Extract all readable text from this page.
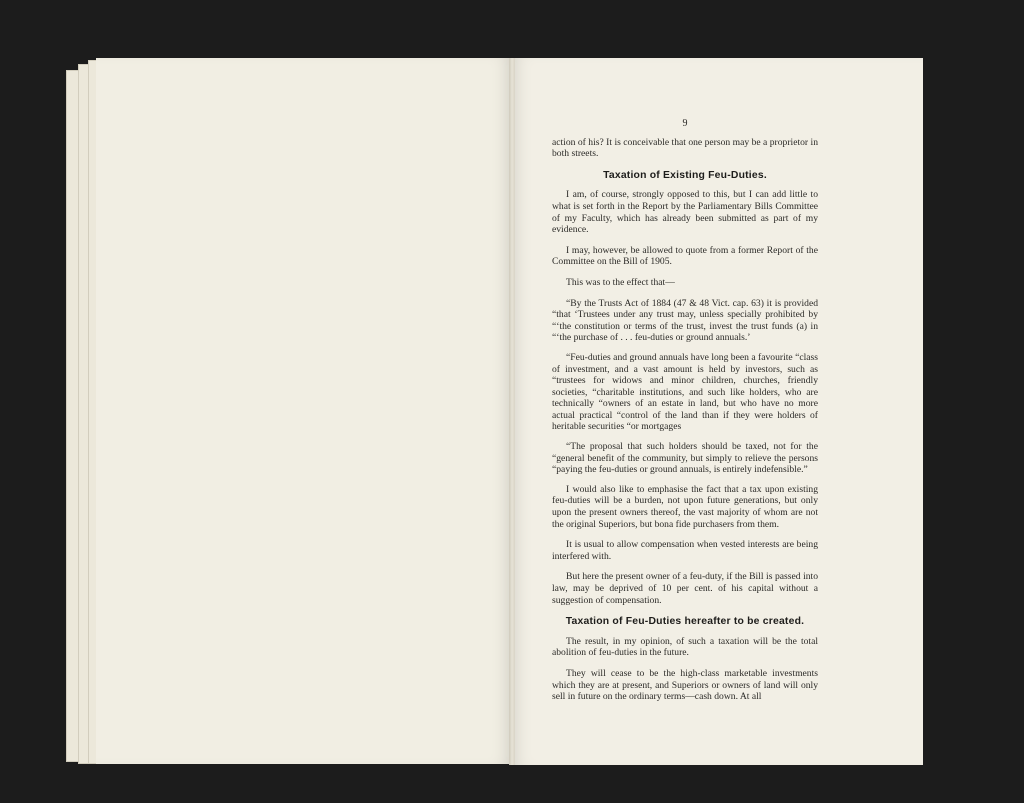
9

action of his? It is conceivable that one person may be a proprietor in both streets.

Taxation of Existing Feu-Duties.

I am, of course, strongly opposed to this, but I can add little to what is set forth in the Report by the Parliamentary Bills Committee of my Faculty, which has already been submitted as part of my evidence.

I may, however, be allowed to quote from a former Report of the Committee on the Bill of 1905.

This was to the effect that—

“By the Trusts Act of 1884 (47 & 48 Vict. cap. 63) it is provided “that ‘Trustees under any trust may, unless specially prohibited by “‘the constitution or terms of the trust, invest the trust funds (a) in “‘the purchase of . . . feu-duties or ground annuals.’

“Feu-duties and ground annuals have long been a favourite “class of investment, and a vast amount is held by investors, such as “trustees for widows and minor children, churches, friendly societies, “charitable institutions, and such like holders, who are technically “owners of an estate in land, but who have no more actual practical “control of the land than if they were holders of heritable securities “or mortgages

“The proposal that such holders should be taxed, not for the “general benefit of the community, but simply to relieve the persons “paying the feu-duties or ground annuals, is entirely indefensible.”

I would also like to emphasise the fact that a tax upon existing feu-duties will be a burden, not upon future generations, but only upon the present owners thereof, the vast majority of whom are not the original Superiors, but bona fide purchasers from them.

It is usual to allow compensation when vested interests are being interfered with.

But here the present owner of a feu-duty, if the Bill is passed into law, may be deprived of 10 per cent. of his capital without a suggestion of compensation.

Taxation of Feu-Duties hereafter to be created.

The result, in my opinion, of such a taxation will be the total abolition of feu-duties in the future.

They will cease to be the high-class marketable investments which they are at present, and Superiors or owners of land will only sell in future on the ordinary terms—cash down. At all
